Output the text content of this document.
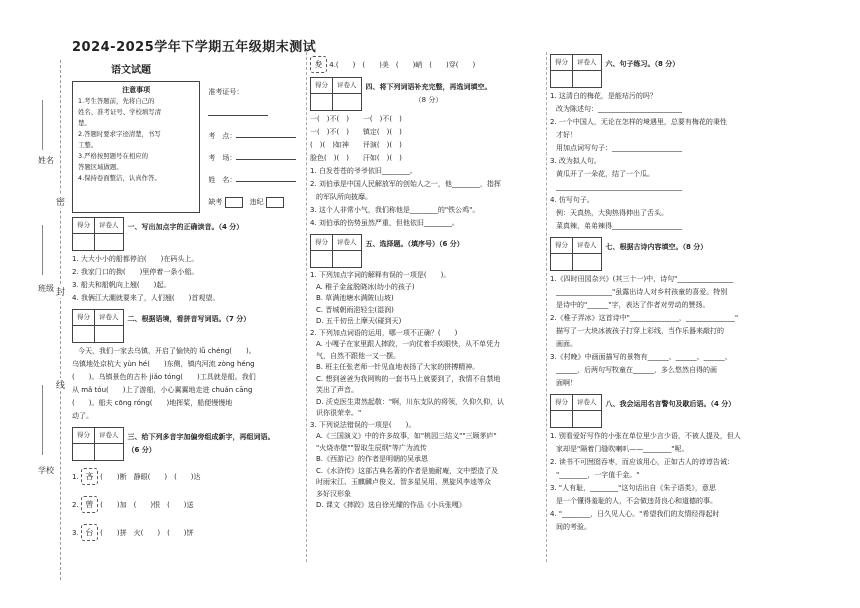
2024-2025学年下学期五年级期末测试
姓名
班级
学校
密
封
线
语文试题
注意事项
1.考生答题前，先将自己的
姓名、准考证号、学校填写清
楚。
2.答题时要求字迹清楚，书写
工整。
3.严格按照题号在相应的
答题区域做题。
4.保持卷面整洁，认真作答。
准考证号：
考　点：
考　场：
姓　名：
缺考 　	违纪
得分	评卷人
	一、写出加点字的正确读音。（4 分）
1. 大大小小的船都停泊(　　)在码头上。
2. 我家门口的拗(　　)里停着一条小船。
3. 船夫和船帆向上翘(　　)起。
4. 我俩江大潮就要来了，人们翘(　　)首观望。
得分	评卷人
	二、根据语境，看拼音写词语。（7 分）
今天，我们一家去乌镇，开启了愉快的 lǚ chéng(　　)。
乌镇地处京杭大 yùn hé(　　)东侧，镇内河流 zòng héng
(　　)。乌镇景色的古朴 jiǎo tóng(　　)工具就是船。我们
从 mǎ tóu(　　)上了游船，小心翼翼地走进 chuán cāng
(　　)。船夫 cōng róng(　　)地挥桨，船便慢慢地
动了。
得分	评卷人
	三、给下列多音字加偏旁组成新字，再组词语。（6 分）
1. 吝 (　　)断　 静眼(　　)　(　　)达
2. 曾 (　　)加　(　　)恨　(　　)送
3. 台 (　　)拼　 火(　　)　(　　)饼
夋 4.(　　)　(　　)美　(　　)峭　(　　)穿(　　)
得分	评卷人
	四、将下列词语补充完整，再选词填空。
（8 分）
一(　)不(　)　　一(　)不(　)
一(　)不(　)　　镇定(　)(　)
(　)(　)如神　　评演(　)(　)
脸色(　)(　)　　汗如(　)(　)
1. 白发苍苍的爷爷依旧________。
2. 刘伯承是中国人民解放军的创始人之一，他________，指挥
的军队所向披靡。
3. 这个人非常小气，我们称他是________的"铁公鸡"。
4. 刘伯承的伤势虽然严重，但他依旧________。
得分	评卷人
	五、选择题。（填序号）（6 分）
1. 下列加点字词的解释有误的一项是(　　)。
A. 稚子金盆脱晓冰(幼小的孩子)
B. 草满池塘水满陂(山坡)
C. 晋城朝雨浥轻尘(湿润)
D. 五千仞岳上摩天(碰到天)
2. 下列加点词语的运用，哪一项不正确？(　　)
A. 小嘎子在家里跟人摔跤，一向仗着手疾眼快，从不单凭力
气，自然不跟他一又一摆。
B. 班主任张老师一针见血地表扬了大家的拼搏精神。
C. 想到爸爸为我网购的一套书马上就要到了，我情不自禁地
笑出了声音。
D. 沃克医生肃然起敬："啊，川东支队的将领，久仰久仰，认
识你很荣幸。"
3. 下列说法错误的一项是(　　)。
A.《三国演义》中的许多故事，如"桃园三结义""三顾茅庐"
"火烧赤壁""智取生辰纲"等广为流传
B.《西游记》的作者是明朝的吴承恩
C.《水浒传》这部古典名著的作者是施耐庵，文中塑造了及
时雨宋江、玉麒麟卢俊义、智多星吴用、黑旋风李逵等众
多好汉形象
D. 课文《摔跤》选自徐光耀的作品《小兵张嘎》
得分	评卷人
	六、句子练习。（8 分）
1. 这清白的梅花，是能玷污的吗？
改为陈述句：________________________
2. 一个中国人，无论在怎样的境遇里，总要有梅花的秉性
才好！
用加点词写句子：____________________
3. 改为拟人句。
黄瓜开了一朵花，结了一个瓜。
____________________________________
4. 仿写句子。
例：天真热，大狗热得伸出了舌头。
菜真辣，弟弟辣得____________________
得分	评卷人
	七、根据古诗内容填空。（8 分）
1.《四时田园杂兴》(其三十一)中，诗句"________________
________________"虽露出诗人对乡村孩童的喜爱。特别
是诗中的"______"字，表达了作者对劳动的赞扬。
2.《稚子弄冰》这首诗中"______________，______________"
描写了一大块冰被孩子打穿上彩线，当作乐器来敲打的
画面。
3.《村晚》中画面描写的景物有______、______、______、
______，后两句写牧童在______，多么悠然自得的画
面啊！
得分	评卷人
	八、我会运用名言警句及歇后语。（4 分）
1. 别看爱好写作的小张在单位里少言少语，不被人提及，但人
家却是"隔着门缝吹喇叭——________"呢。
2. 读书不可囫囵吞枣，而应该用心，正如古人的谆谆告诫：
"________，一字值千金。"
3. "人有耻，________"这句话出自《朱子语类》，意思
是一个懂得羞耻的人，不会做违背良心和道德的事。
4. "________，日久见人心。"希望我们的友情经得起时
间的考验。
